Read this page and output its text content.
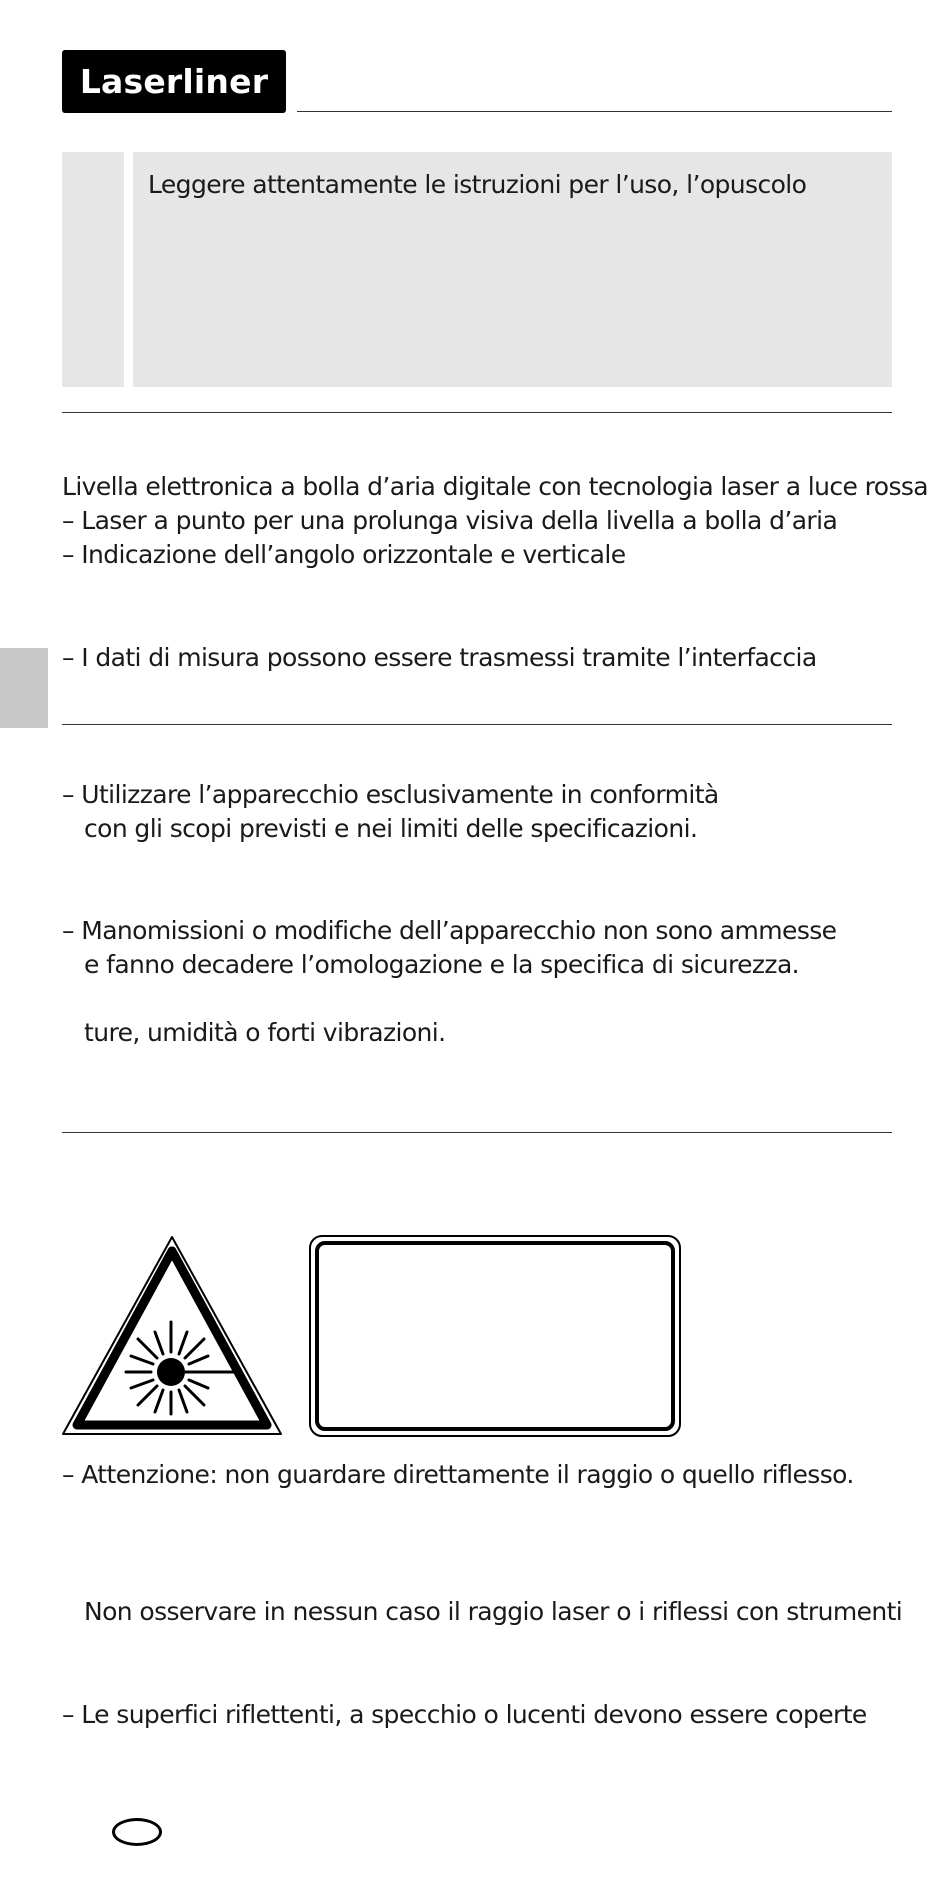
Laserliner
Leggere attentamente le istruzioni per l’uso, l’opuscolo
Livella elettronica a bolla d’aria digitale con tecnologia laser a luce rossa
– Laser a punto per una prolunga visiva della livella a bolla d’aria
– Indicazione dell’angolo orizzontale e verticale
– I dati di misura possono essere trasmessi tramite l’interfaccia
– Utilizzare l’apparecchio esclusivamente in conformità
con gli scopi previsti e nei limiti delle specificazioni.
– Manomissioni o modifiche dell’apparecchio non sono ammesse
e fanno decadere l’omologazione e la specifica di sicurezza.
ture, umidità o forti vibrazioni.
– Attenzione: non guardare direttamente il raggio o quello riflesso.
Non osservare in nessun caso il raggio laser o i riflessi con strumenti
– Le superfici riflettenti, a specchio o lucenti devono essere coperte
